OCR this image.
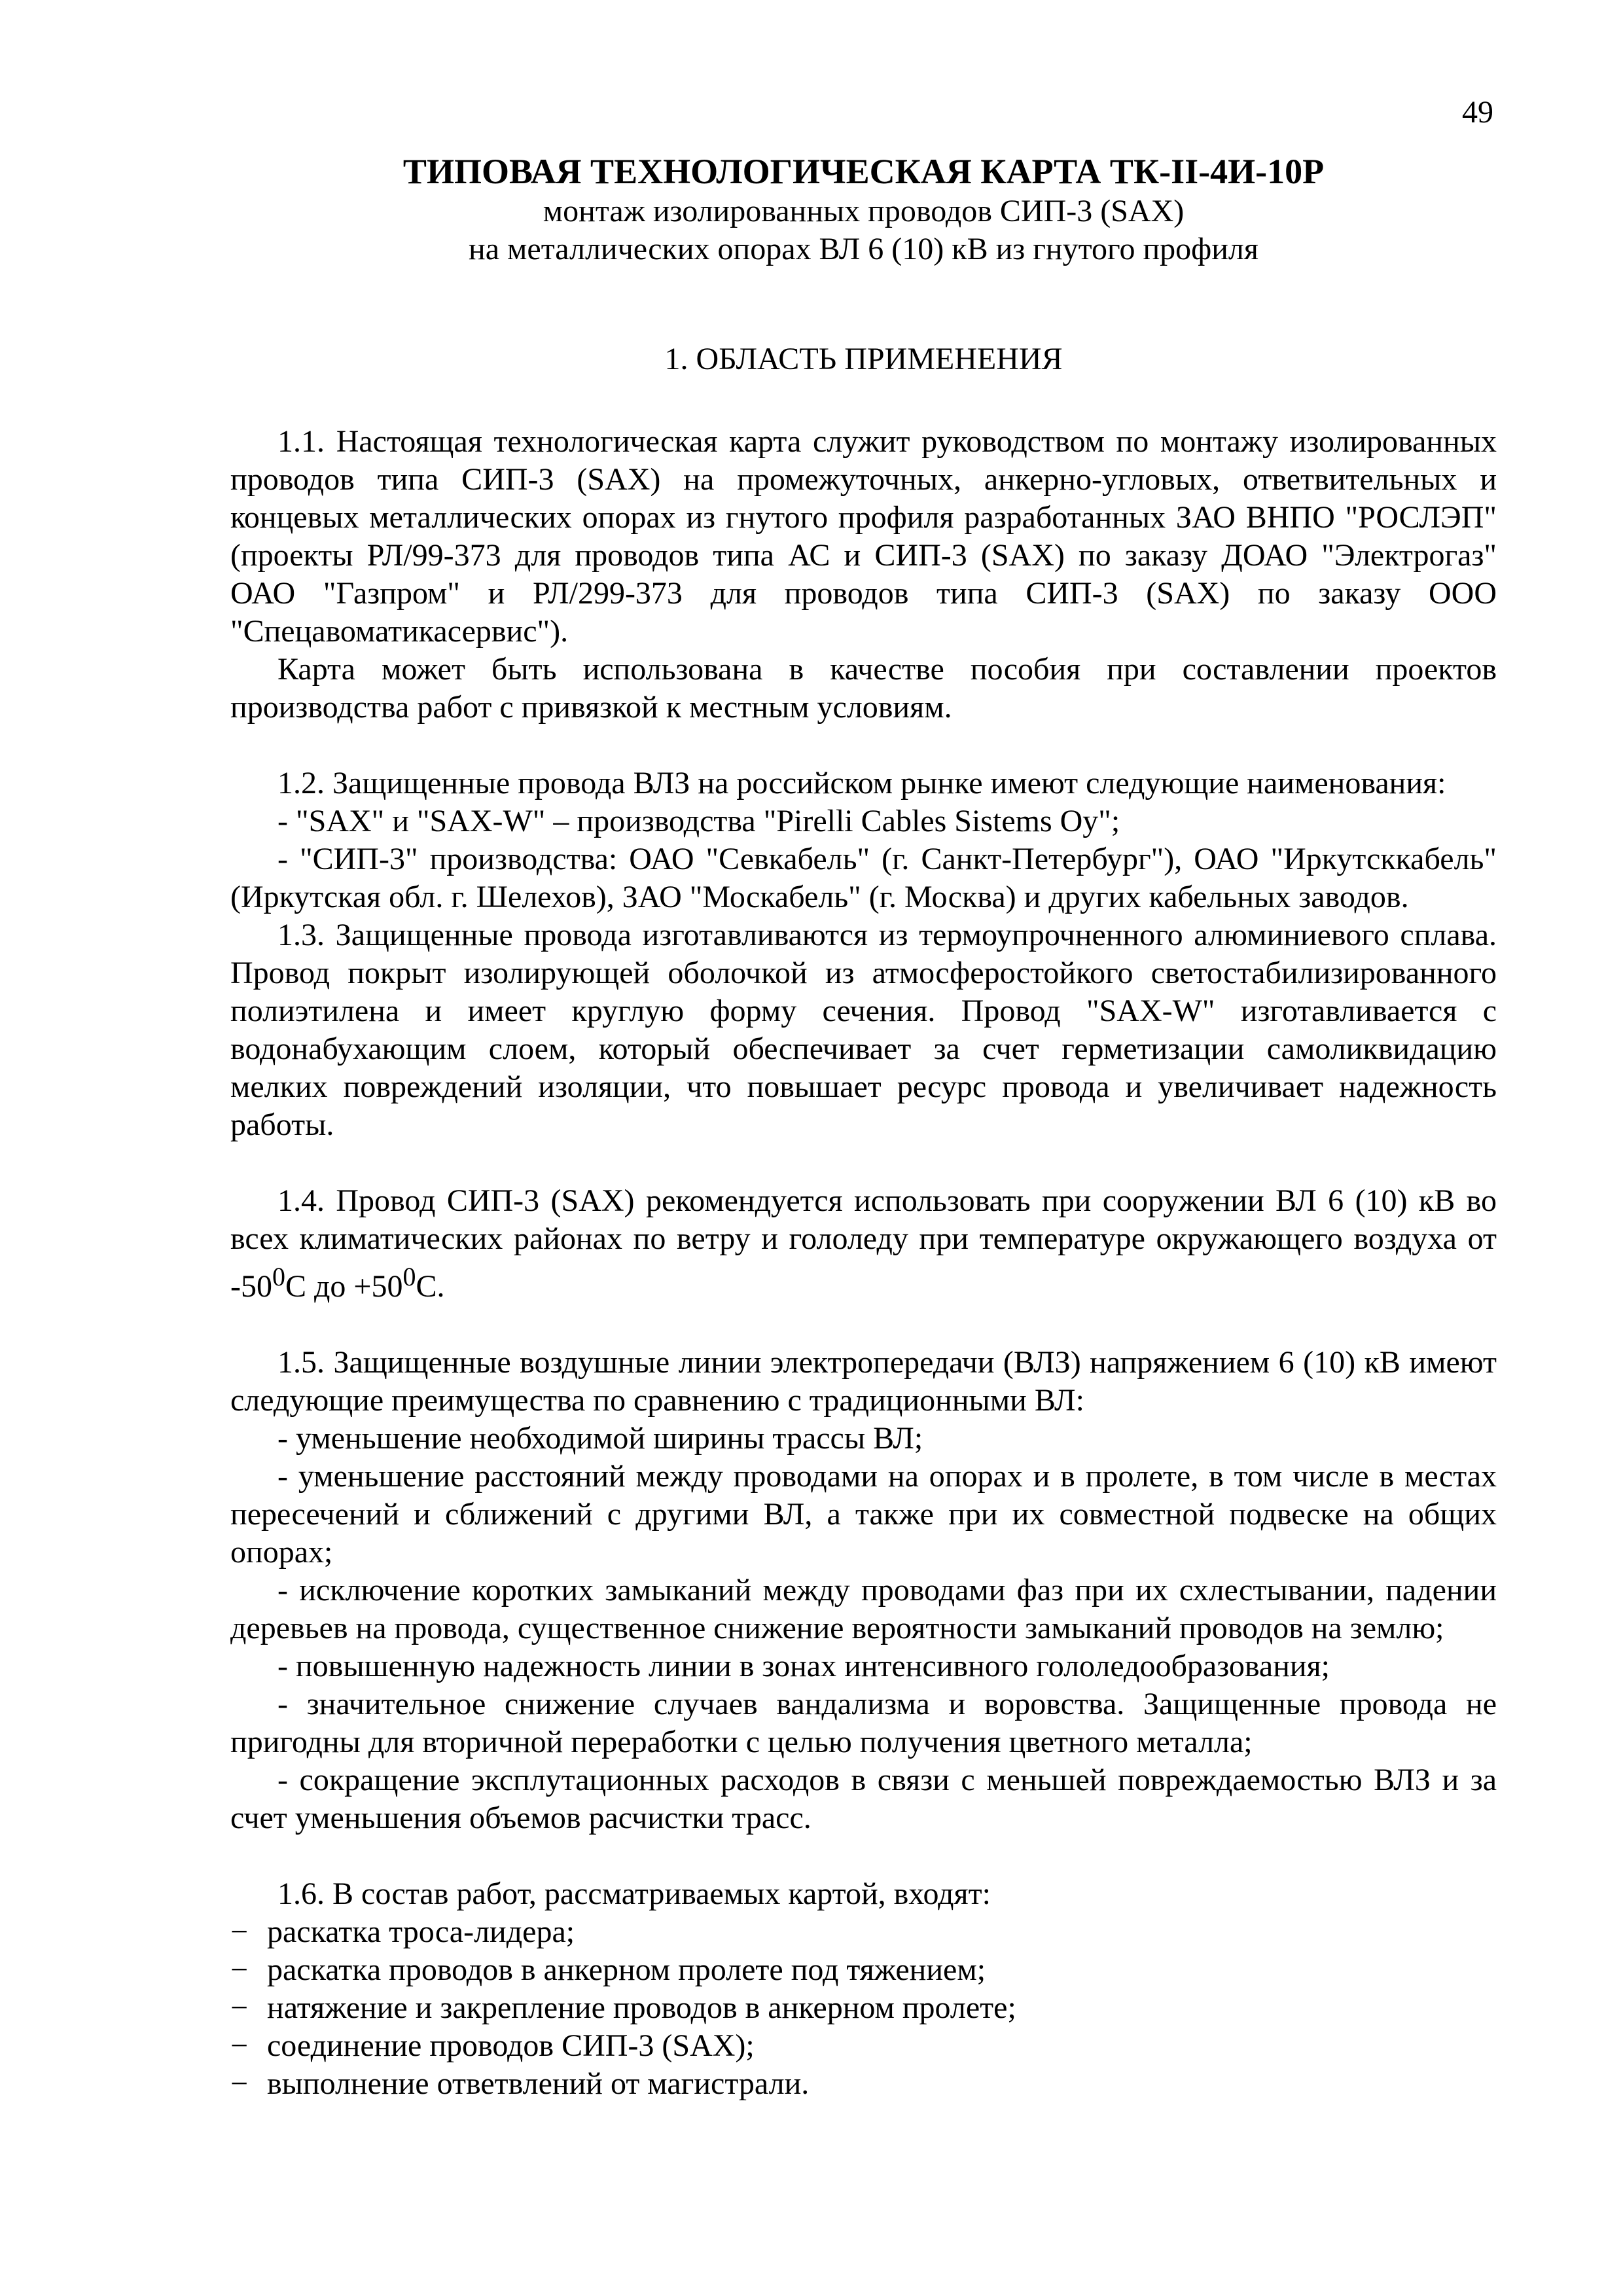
49

ТИПОВАЯ ТЕХНОЛОГИЧЕСКАЯ КАРТА ТК-II-4И-10Р

монтаж изолированных проводов СИП-3 (SAX)

на металлических опорах ВЛ 6 (10) кВ из гнутого профиля

1. ОБЛАСТЬ ПРИМЕНЕНИЯ

1.1. Настоящая технологическая карта служит руководством по монтажу изолированных проводов типа СИП-3 (SAX) на промежуточных, анкерно-угловых, ответвительных и концевых металлических опорах из гнутого профиля разработанных ЗАО ВНПО "РОСЛЭП" (проекты РЛ/99-373 для проводов типа АС и СИП-3 (SAX) по заказу ДОАО "Электрогаз" ОАО "Газпром" и РЛ/299-373 для проводов типа СИП-3 (SAX) по заказу ООО "Спецавоматикасервис").

Карта может быть использована в качестве пособия при составлении проектов производства работ с привязкой к местным условиям.

1.2. Защищенные провода ВЛЗ на российском рынке имеют следующие наименования:

- "SAX" и "SAX-W" – производства "Pirelli Cables Sistems Oy";

- "СИП-3" производства: ОАО "Севкабель" (г. Санкт-Петербург"), ОАО "Иркутсккабель" (Иркутская обл. г. Шелехов), ЗАО "Москабель" (г. Москва) и других кабельных заводов.

1.3. Защищенные провода изготавливаются из термоупрочненного алюминиевого сплава. Провод покрыт изолирующей оболочкой из атмосферостойкого светостабилизированного полиэтилена и имеет круглую форму сечения. Провод "SAX-W" изготавливается с водонабухающим слоем, который обеспечивает за счет герметизации самоликвидацию мелких повреждений изоляции, что повышает ресурс провода и увеличивает надежность работы.

1.4. Провод СИП-3 (SAX) рекомендуется использовать при сооружении ВЛ 6 (10) кВ во всех климатических районах по ветру и гололеду при температуре окружающего воздуха от $-50^0С$ до $+50^0С$.

1.5. Защищенные воздушные линии электропередачи (ВЛЗ) напряжением 6 (10) кВ имеют следующие преимущества по сравнению с традиционными ВЛ:

- уменьшение необходимой ширины трассы ВЛ;

- уменьшение расстояний между проводами на опорах и в пролете, в том числе в местах пересечений и сближений с другими ВЛ, а также при их совместной подвеске на общих опорах;

- исключение коротких замыканий между проводами фаз при их схлестывании, падении деревьев на провода, существенное снижение вероятности замыканий проводов на землю;

- повышенную надежность линии в зонах интенсивного гололедообразования;

- значительное снижение случаев вандализма и воровства. Защищенные провода не пригодны для вторичной переработки с целью получения цветного металла;

- сокращение эксплутационных расходов в связи с меньшей повреждаемостью ВЛЗ и за счет уменьшения объемов расчистки трасс.

1.6. В состав работ, рассматриваемых картой, входят:

− раскатка троса-лидера;
− раскатка проводов в анкерном пролете под тяжением;
− натяжение и закрепление проводов в анкерном пролете;
− соединение проводов СИП-3 (SAX);
− выполнение ответвлений от магистрали.
